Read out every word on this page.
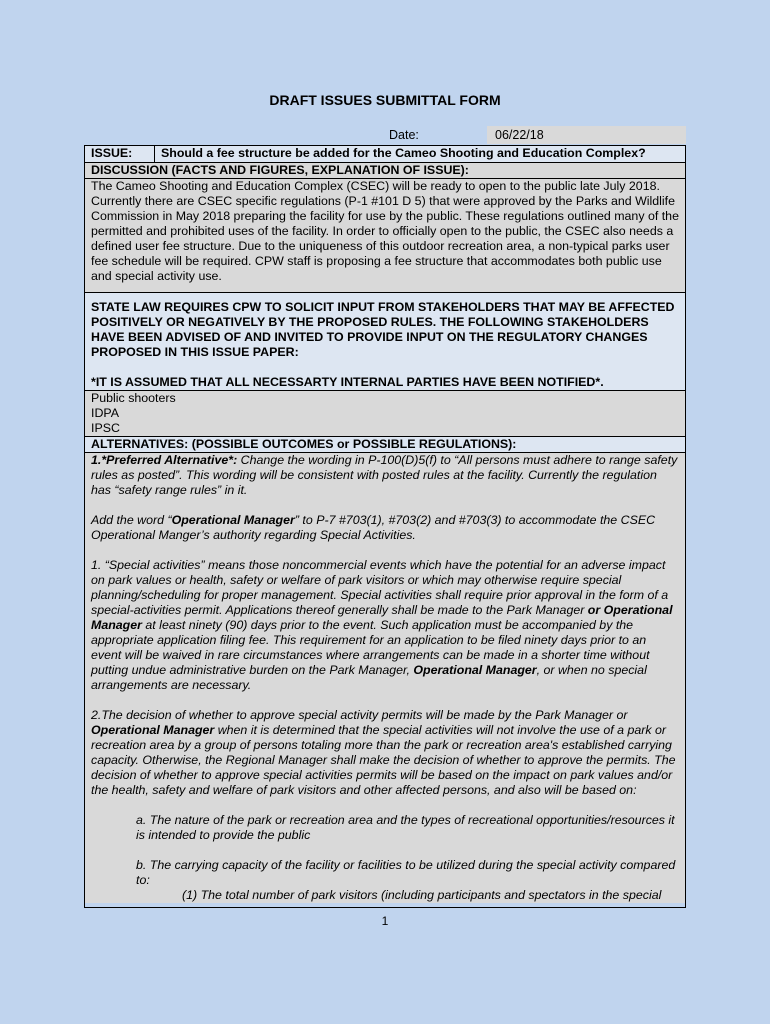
DRAFT ISSUES SUBMITTAL FORM
Date:	06/22/18
ISSUE:	Should a fee structure be added for the Cameo Shooting and Education Complex?
DISCUSSION (FACTS AND FIGURES, EXPLANATION OF ISSUE):
The Cameo Shooting and Education Complex (CSEC) will be ready to open to the public late July 2018. Currently there are CSEC specific regulations (P-1 #101 D 5) that were approved by the Parks and Wildlife Commission in May 2018 preparing the facility for use by the public. These regulations outlined many of the permitted and prohibited uses of the facility. In order to officially open to the public, the CSEC also needs a defined user fee structure. Due to the uniqueness of this outdoor recreation area, a non-typical parks user fee schedule will be required. CPW staff is proposing a fee structure that accommodates both public use and special activity use.
STATE LAW REQUIRES CPW TO SOLICIT INPUT FROM STAKEHOLDERS THAT MAY BE AFFECTED POSITIVELY OR NEGATIVELY BY THE PROPOSED RULES. THE FOLLOWING STAKEHOLDERS HAVE BEEN ADVISED OF AND INVITED TO PROVIDE INPUT ON THE REGULATORY CHANGES PROPOSED IN THIS ISSUE PAPER:

*IT IS ASSUMED THAT ALL NECESSARTY INTERNAL PARTIES HAVE BEEN NOTIFIED*.

Public shooters
IDPA
IPSC
ALTERNATIVES: (POSSIBLE OUTCOMES or POSSIBLE REGULATIONS):
1.*Preferred Alternative*: Change the wording in P-100(D)5(f) to “All persons must adhere to range safety rules as posted”. This wording will be consistent with posted rules at the facility. Currently the regulation has “safety range rules” in it.

Add the word “Operational Manager” to P-7 #703(1), #703(2) and #703(3) to accommodate the CSEC Operational Manger’s authority regarding Special Activities.

1. “Special activities” means those noncommercial events which have the potential for an adverse impact on park values or health, safety or welfare of park visitors or which may otherwise require special planning/scheduling for proper management. Special activities shall require prior approval in the form of a special-activities permit. Applications thereof generally shall be made to the Park Manager or Operational Manager at least ninety (90) days prior to the event. Such application must be accompanied by the appropriate application filing fee. This requirement for an application to be filed ninety days prior to an event will be waived in rare circumstances where arrangements can be made in a shorter time without putting undue administrative burden on the Park Manager, Operational Manager, or when no special arrangements are necessary.

2.The decision of whether to approve special activity permits will be made by the Park Manager or Operational Manager when it is determined that the special activities will not involve the use of a park or recreation area by a group of persons totaling more than the park or recreation area's established carrying capacity. Otherwise, the Regional Manager shall make the decision of whether to approve the permits. The decision of whether to approve special activities permits will be based on the impact on park values and/or the health, safety and welfare of park visitors and other affected persons, and also will be based on:

a. The nature of the park or recreation area and the types of recreational opportunities/resources it is intended to provide the public

b. The carrying capacity of the facility or facilities to be utilized during the special activity compared to:

(1) The total number of park visitors (including participants and spectators in the special

1
